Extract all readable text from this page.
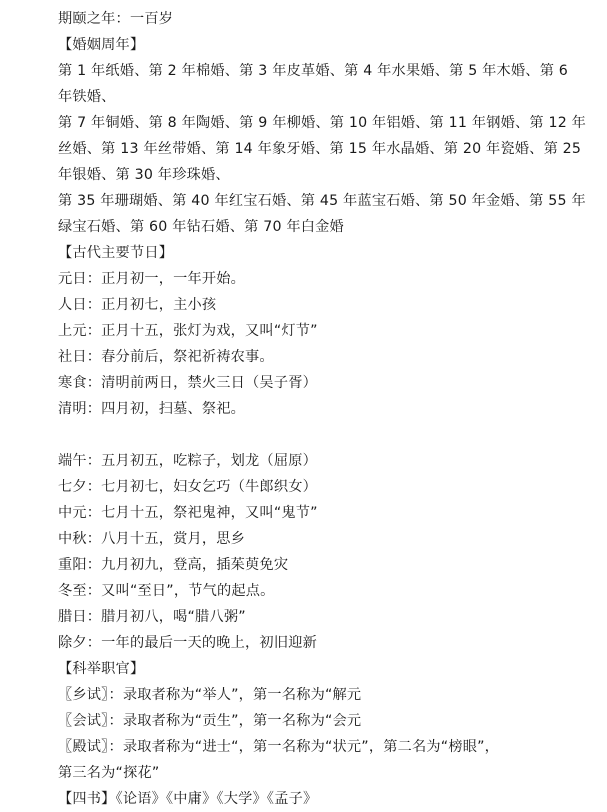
期颐之年：一百岁
【婚姻周年】
第 1 年纸婚、第 2 年棉婚、第 3 年皮革婚、第 4 年水果婚、第 5 年木婚、第 6
年铁婚、
第 7 年铜婚、第 8 年陶婚、第 9 年柳婚、第 10 年铝婚、第 11 年钢婚、第 12 年
丝婚、第 13 年丝带婚、第 14 年象牙婚、第 15 年水晶婚、第 20 年瓷婚、第 25
年银婚、第 30 年珍珠婚、
第 35 年珊瑚婚、第 40 年红宝石婚、第 45 年蓝宝石婚、第 50 年金婚、第 55 年
绿宝石婚、第 60 年钻石婚、第 70 年白金婚
【古代主要节日】
元日：正月初一，一年开始。
人日：正月初七，主小孩
上元：正月十五，张灯为戏，又叫“灯节”
社日：春分前后，祭祀祈祷农事。
寒食：清明前两日，禁火三日（吴子胥）
清明：四月初，扫墓、祭祀。
端午：五月初五，吃粽子，划龙（屈原）
七夕：七月初七，妇女乞巧（牛郎织女）
中元：七月十五，祭祀鬼神，又叫“鬼节”
中秋：八月十五，赏月，思乡
重阳：九月初九，登高，插茱萸免灾
冬至：又叫“至日”，节气的起点。
腊日：腊月初八，喝“腊八粥”
除夕：一年的最后一天的晚上，初旧迎新
【科举职官】
〖乡试〗：录取者称为“举人”，第一名称为“解元
〖会试〗：录取者称为“贡生”，第一名称为“会元
〖殿试〗：录取者称为“进士“，第一名称为“状元”，第二名为“榜眼”，
第三名为“探花”
【四书】《论语》《中庸》《大学》《孟子》
